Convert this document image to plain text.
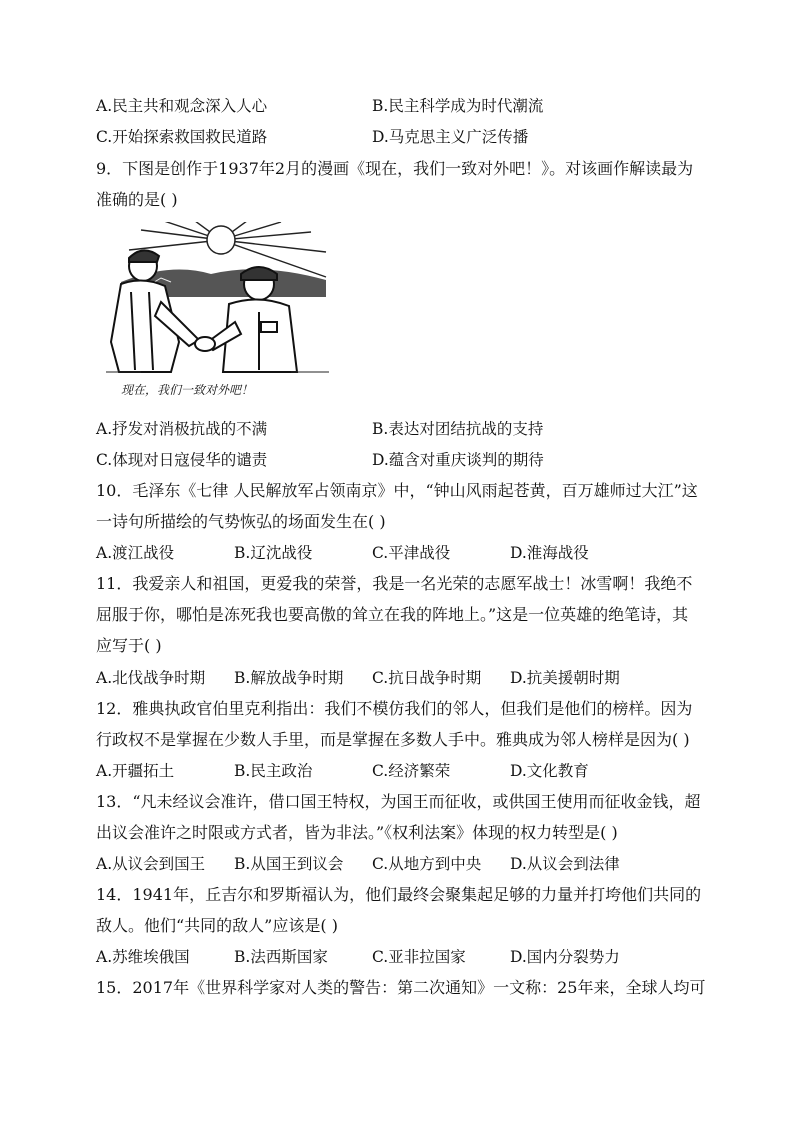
A.民主共和观念深入人心	B.民主科学成为时代潮流
C.开始探索救国救民道路	D.马克思主义广泛传播
9．下图是创作于1937年2月的漫画《现在，我们一致对外吧！》。对该画作解读最为
准确的是( )
现在，我们一致对外吧！
A.抒发对消极抗战的不满	B.表达对团结抗战的支持
C.体现对日寇侵华的谴责	D.蕴含对重庆谈判的期待
10．毛泽东《七律 人民解放军占领南京》中，“钟山风雨起苍黄，百万雄师过大江”这
一诗句所描绘的气势恢弘的场面发生在( )
A.渡江战役	B.辽沈战役	C.平津战役	D.淮海战役
11．我爱亲人和祖国，更爱我的荣誉，我是一名光荣的志愿军战士！冰雪啊！我绝不
屈服于你，哪怕是冻死我也要高傲的耸立在我的阵地上。”这是一位英雄的绝笔诗，其
应写于( )
A.北伐战争时期 B.解放战争时期 C.抗日战争时期 D.抗美援朝时期
12．雅典执政官伯里克利指出：我们不模仿我们的邻人，但我们是他们的榜样。因为
行政权不是掌握在少数人手里，而是掌握在多数人手中。雅典成为邻人榜样是因为( )
A.开疆拓土	B.民主政治	C.经济繁荣	D.文化教育
13．“凡未经议会准许，借口国王特权，为国王而征收，或供国王使用而征收金钱，超
出议会准许之时限或方式者，皆为非法。”《权利法案》体现的权力转型是( )
A.从议会到国王 B.从国王到议会 C.从地方到中央 D.从议会到法律
14．1941年，丘吉尔和罗斯福认为，他们最终会聚集起足够的力量并打垮他们共同的
敌人。他们“共同的敌人”应该是( )
A.苏维埃俄国	B.法西斯国家	C.亚非拉国家	D.国内分裂势力
15．2017年《世界科学家对人类的警告：第二次通知》一文称：25年来，全球人均可
